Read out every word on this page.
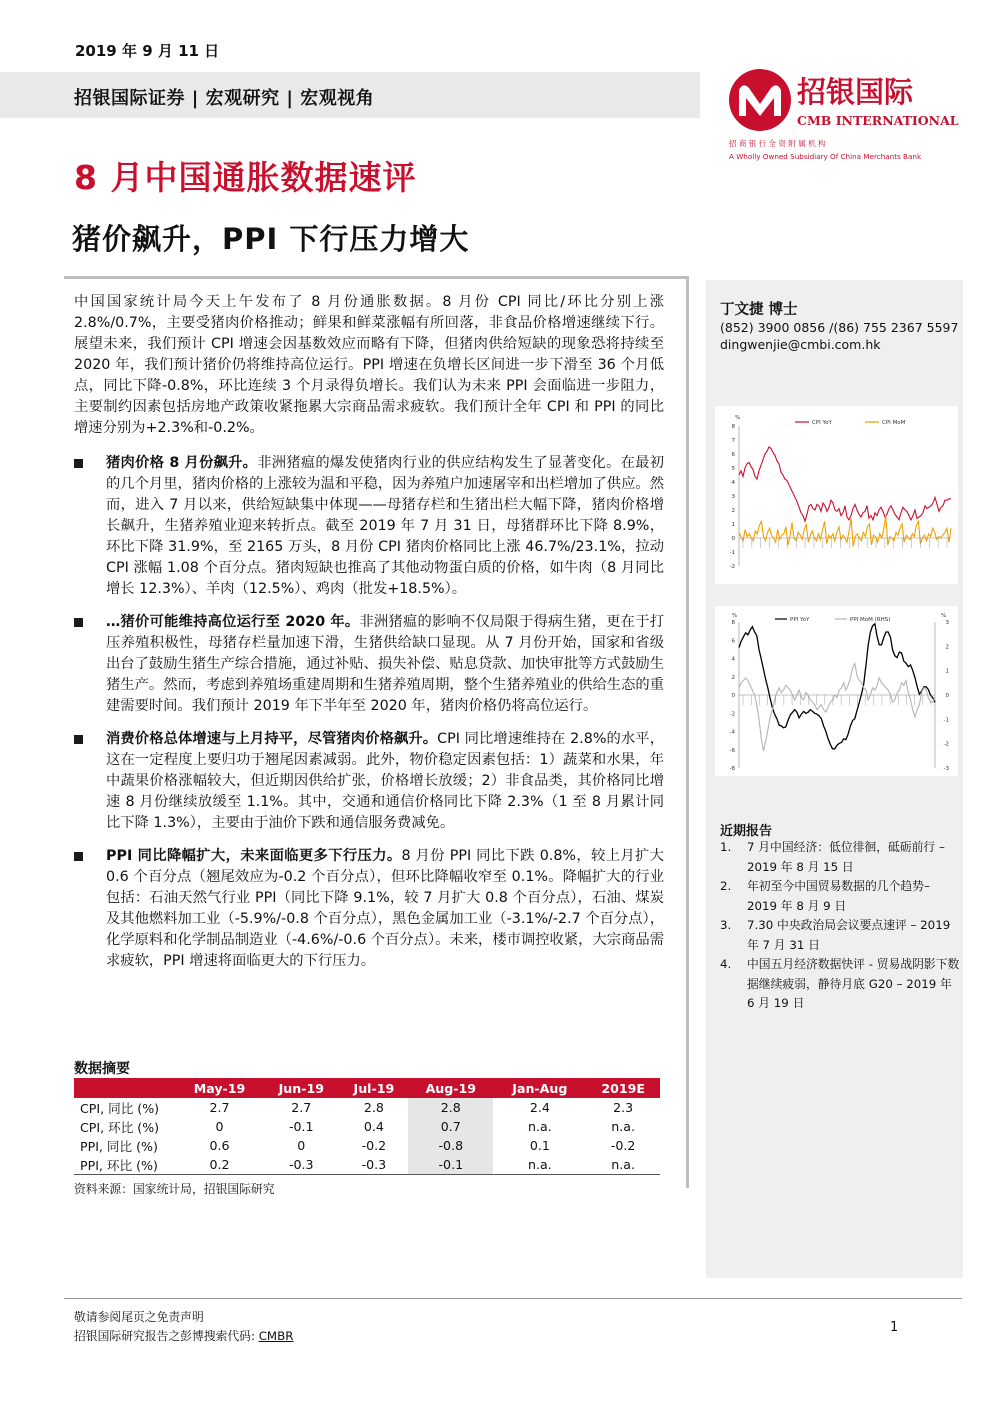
2019 年 9 月 11 日
招银国际证券 | 宏观研究 | 宏观视角	招银国际
CMB INTERNATIONAL
招 商 银 行 全 资 附 属 机 构
A Wholly Owned Subsidiary Of China Merchants Bank
8 月中国通胀数据速评
猪价飙升，PPI 下行压力增大

中国国家统计局今天上午发布了 8 月份通胀数据。8 月份 CPI 同比/环比分别上涨 2.8%/0.7%，主要受猪肉价格推动；鲜果和鲜菜涨幅有所回落，非食品价格增速继续下行。展望未来，我们预计 CPI 增速会因基数效应而略有下降，但猪肉供给短缺的现象恐将持续至 2020 年，我们预计猪价仍将维持高位运行。PPI 增速在负增长区间进一步下滑至 36 个月低点，同比下降-0.8%，环比连续 3 个月录得负增长。我们认为未来 PPI 会面临进一步阻力，主要制约因素包括房地产政策收紧拖累大宗商品需求疲软。我们预计全年 CPI 和 PPI 的同比增速分别为+2.3%和-0.2%。

猪肉价格 8 月份飙升。非洲猪瘟的爆发使猪肉行业的供应结构发生了显著变化。在最初的几个月里，猪肉价格的上涨较为温和平稳，因为养殖户加速屠宰和出栏增加了供应。然而，进入 7 月以来，供给短缺集中体现——母猪存栏和生猪出栏大幅下降，猪肉价格增长飙升，生猪养殖业迎来转折点。截至 2019 年 7 月 31 日，母猪群环比下降 8.9%，环比下降 31.9%，至 2165 万头，8 月份 CPI 猪肉价格同比上涨 46.7%/23.1%，拉动 CPI 涨幅 1.08 个百分点。猪肉短缺也推高了其他动物蛋白质的价格，如牛肉（8 月同比增长 12.3%）、羊肉（12.5%）、鸡肉（批发+18.5%）。
…猪价可能维持高位运行至 2020 年。非洲猪瘟的影响不仅局限于得病生猪，更在于打压养殖积极性，母猪存栏量加速下滑，生猪供给缺口显现。从 7 月份开始，国家和省级出台了鼓励生猪生产综合措施，通过补贴、损失补偿、贴息贷款、加快审批等方式鼓励生猪生产。然而，考虑到养殖场重建周期和生猪养殖周期，整个生猪养殖业的供给生态的重建需要时间。我们预计 2019 年下半年至 2020 年，猪肉价格仍将高位运行。
消费价格总体增速与上月持平，尽管猪肉价格飙升。CPI 同比增速维持在 2.8%的水平，这在一定程度上要归功于翘尾因素减弱。此外，物价稳定因素包括：1）蔬菜和水果，年中蔬果价格涨幅较大，但近期因供给扩张，价格增长放缓；2）非食品类，其价格同比增速 8 月份继续放缓至 1.1%。其中，交通和通信价格同比下降 2.3%（1 至 8 月累计同比下降 1.3%），主要由于油价下跌和通信服务费减免。
PPI 同比降幅扩大，未来面临更多下行压力。8 月份 PPI 同比下跌 0.8%，较上月扩大 0.6 个百分点（翘尾效应为-0.2 个百分点），但环比降幅收窄至 0.1%。降幅扩大的行业包括：石油天然气行业 PPI（同比下降 9.1%，较 7 月扩大 0.8 个百分点），石油、煤炭及其他燃料加工业（-5.9%/-0.8 个百分点），黑色金属加工业（-3.1%/-2.7 个百分点），化学原料和化学制品制造业（-4.6%/-0.6 个百分点）。未来，楼市调控收紧，大宗商品需求疲软，PPI 增速将面临更大的下行压力。
丁文捷 博士
(852) 3900 0856 /(86) 755 2367 5597
dingwenjie@cmbi.com.hk
%
8
7
6
5
4
3
2
1
0
-1
-2
CPI YoY	CPI MoM
%	%
8
6
4
2
0
-2
-4
-6
-8
3
2
1
0
-1
-2
-3
PPI YoY	PPI MoM (RHS)
近期报告
1. 7 月中国经济：低位徘徊，砥砺前行 – 2019 年 8 月 15 日
2. 年初至今中国贸易数据的几个趋势– 2019 年 8 月 9 日
3. 7.30 中央政治局会议要点速评 – 2019 年 7 月 31 日
4. 中国五月经济数据快评 - 贸易战阴影下数据继续疲弱，静待月底 G20 – 2019 年 6 月 19 日
数据摘要
	May-19	Jun-19	Jul-19	Aug-19	Jan-Aug	2019E
CPI, 同比 (%)	2.7	2.7	2.8	2.8	2.4	2.3
CPI, 环比 (%)	0	-0.1	0.4	0.7	n.a.	n.a.
PPI, 同比 (%)	0.6	0	-0.2	-0.8	0.1	-0.2
PPI, 环比 (%)	0.2	-0.3	-0.3	-0.1	n.a.	n.a.
资料来源：国家统计局，招银国际研究
敬请参阅尾页之免责声明
招银国际研究报告之彭博搜索代码: CMBR
1
